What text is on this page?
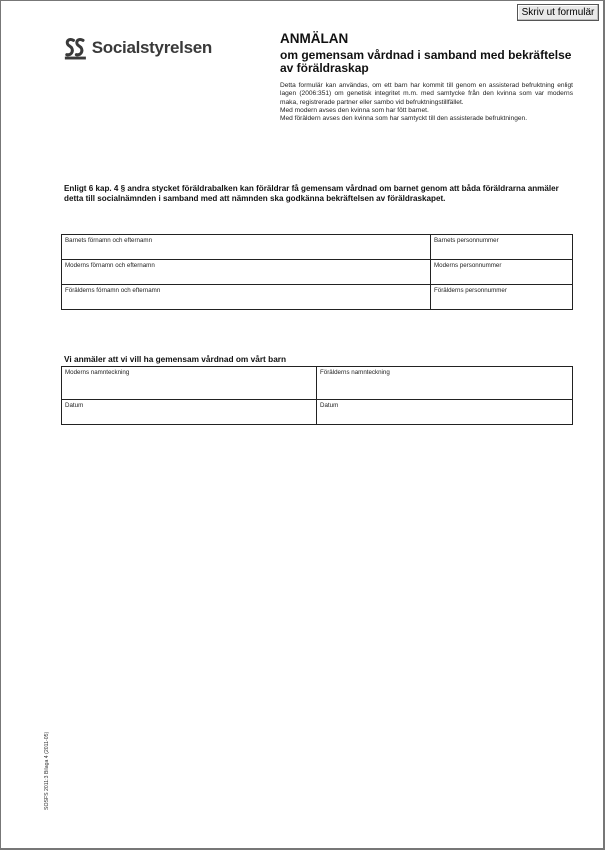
Skriv ut formulär
Socialstyrelsen	ANMÄLAN
om gemensam vårdnad i samband med bekräftelse av föräldraskap

Detta formulär kan användas, om ett barn har kommit till genom en assisterad befruktning enligt lagen (2006:351) om genetisk integritet m.m. med samtycke från den kvinna som var moderns maka, registrerade partner eller sambo vid befruktningstillfället.

Med modern avses den kvinna som har fött barnet.

Med föräldern avses den kvinna som har samtyckt till den assisterade befruktningen.

Enligt 6 kap. 4 § andra stycket föräldrabalken kan föräldrar få gemensam vårdnad om barnet genom att båda föräldrarna anmäler detta till socialnämnden i samband med att nämnden ska godkänna bekräftelsen av föräldraskapet.
Barnets förnamn och efternamn	Barnets personnummer
Moderns förnamn och efternamn	Moderns personnummer
Förälderns förnamn och efternamn	Förälderns personnummer
Vi anmäler att vi vill ha gemensam vårdnad om vårt barn
Moderns namnteckning	Förälderns namnteckning
Datum	Datum
SOSFS 2011:3 Bilaga 4 (2011-05)
